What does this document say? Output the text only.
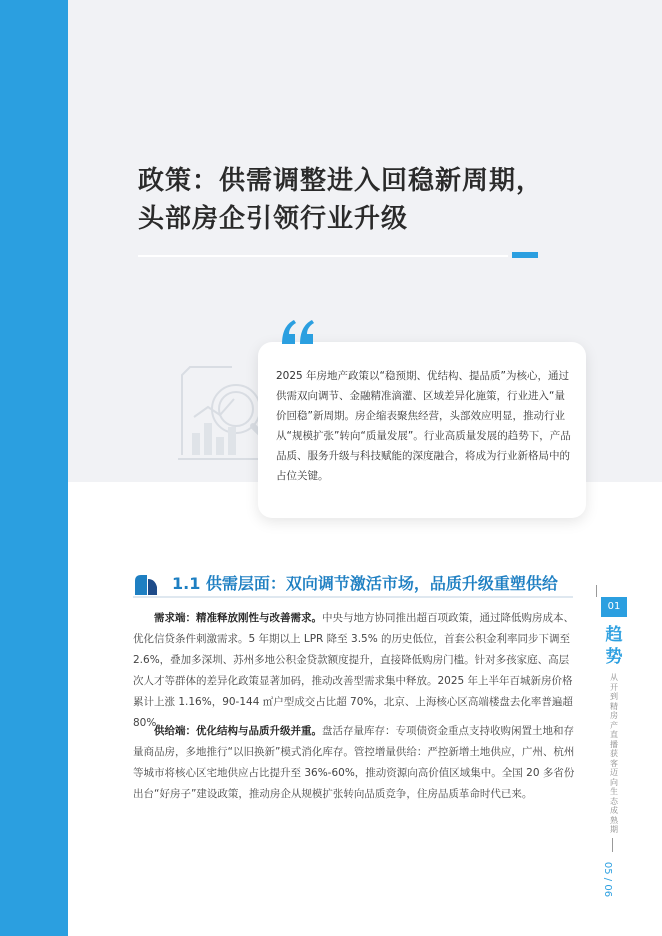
政策：供需调整进入回稳新周期，
头部房企引领行业升级

2025 年房地产政策以“稳预期、优结构、提品质”为核心，通过供需双向调节、金融精准滴灌、区域差异化施策，行业进入“量价回稳”新周期。房企缩表聚焦经营，头部效应明显，推动行业从“规模扩张”转向“质量发展”。行业高质量发展的趋势下，产品品质、服务升级与科技赋能的深度融合，将成为行业新格局中的占位关键。

1.1 供需层面：双向调节激活市场，品质升级重塑供给

需求端：精准释放刚性与改善需求。中央与地方协同推出超百项政策，通过降低购房成本、优化信贷条件刺激需求。5 年期以上 LPR 降至 3.5% 的历史低位，首套公积金利率同步下调至 2.6%，叠加多深圳、苏州多地公积金贷款额度提升，直接降低购房门槛。针对多孩家庭、高层次人才等群体的差异化政策显著加码，推动改善型需求集中释放。2025 年上半年百城新房价格累计上涨 1.16%，90-144 ㎡户型成交占比超 70%，北京、上海核心区高端楼盘去化率普遍超 80%。

供给端：优化结构与品质升级并重。盘活存量库存：专项债资金重点支持收购闲置土地和存量商品房，多地推行“以旧换新”模式消化库存。管控增量供给：严控新增土地供应，广州、杭州等城市将核心区宅地供应占比提升至 36%-60%，推动资源向高价值区域集中。全国 20 多省份出台“好房子”建设政策，推动房企从规模扩张转向品质竞争，住房品质革命时代已来。

01
趋势
从开到精 房产直播获客迈向生态成熟期
05 / 06
